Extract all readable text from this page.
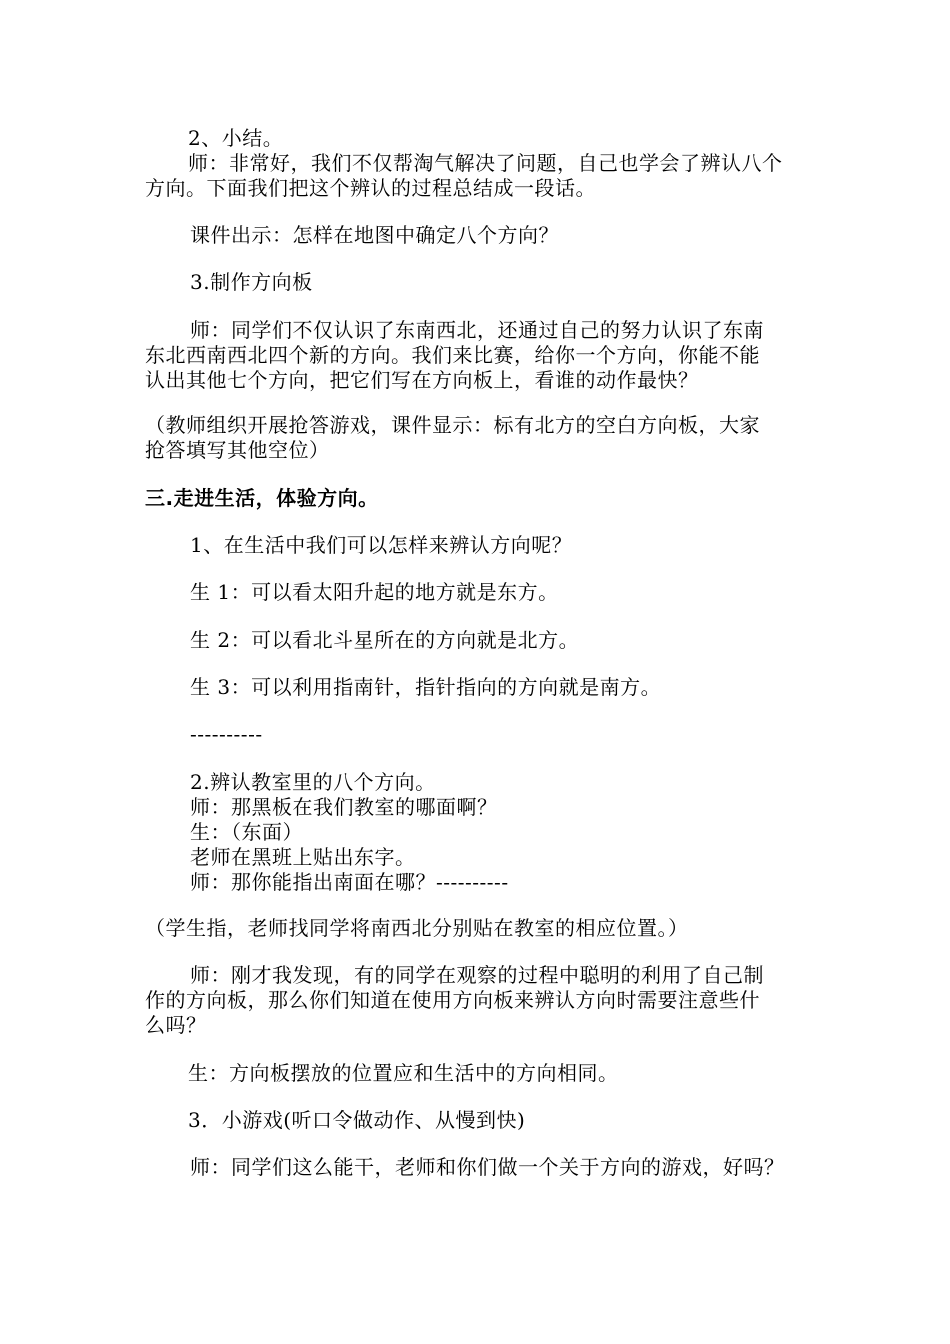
2、小结。
师：非常好，我们不仅帮淘气解决了问题，自己也学会了辨认八个
方向。下面我们把这个辨认的过程总结成一段话。
课件出示：怎样在地图中确定八个方向？
3.制作方向板
师：同学们不仅认识了东南西北，还通过自己的努力认识了东南
东北西南西北四个新的方向。我们来比赛，给你一个方向，你能不能
认出其他七个方向，把它们写在方向板上，看谁的动作最快？
（教师组织开展抢答游戏，课件显示：标有北方的空白方向板，大家
抢答填写其他空位）
三.走进生活，体验方向。
1、在生活中我们可以怎样来辨认方向呢？
生 1：可以看太阳升起的地方就是东方。
生 2：可以看北斗星所在的方向就是北方。
生 3：可以利用指南针，指针指向的方向就是南方。
----------
2.辨认教室里的八个方向。
师：那黑板在我们教室的哪面啊？
生：（东面）
老师在黑班上贴出东字。
师：那你能指出南面在哪？----------
（学生指，老师找同学将南西北分别贴在教室的相应位置。）
师：刚才我发现，有的同学在观察的过程中聪明的利用了自己制
作的方向板，那么你们知道在使用方向板来辨认方向时需要注意些什
么吗？
生：方向板摆放的位置应和生活中的方向相同。
3．小游戏(听口令做动作、从慢到快)
师：同学们这么能干，老师和你们做一个关于方向的游戏，好吗？
